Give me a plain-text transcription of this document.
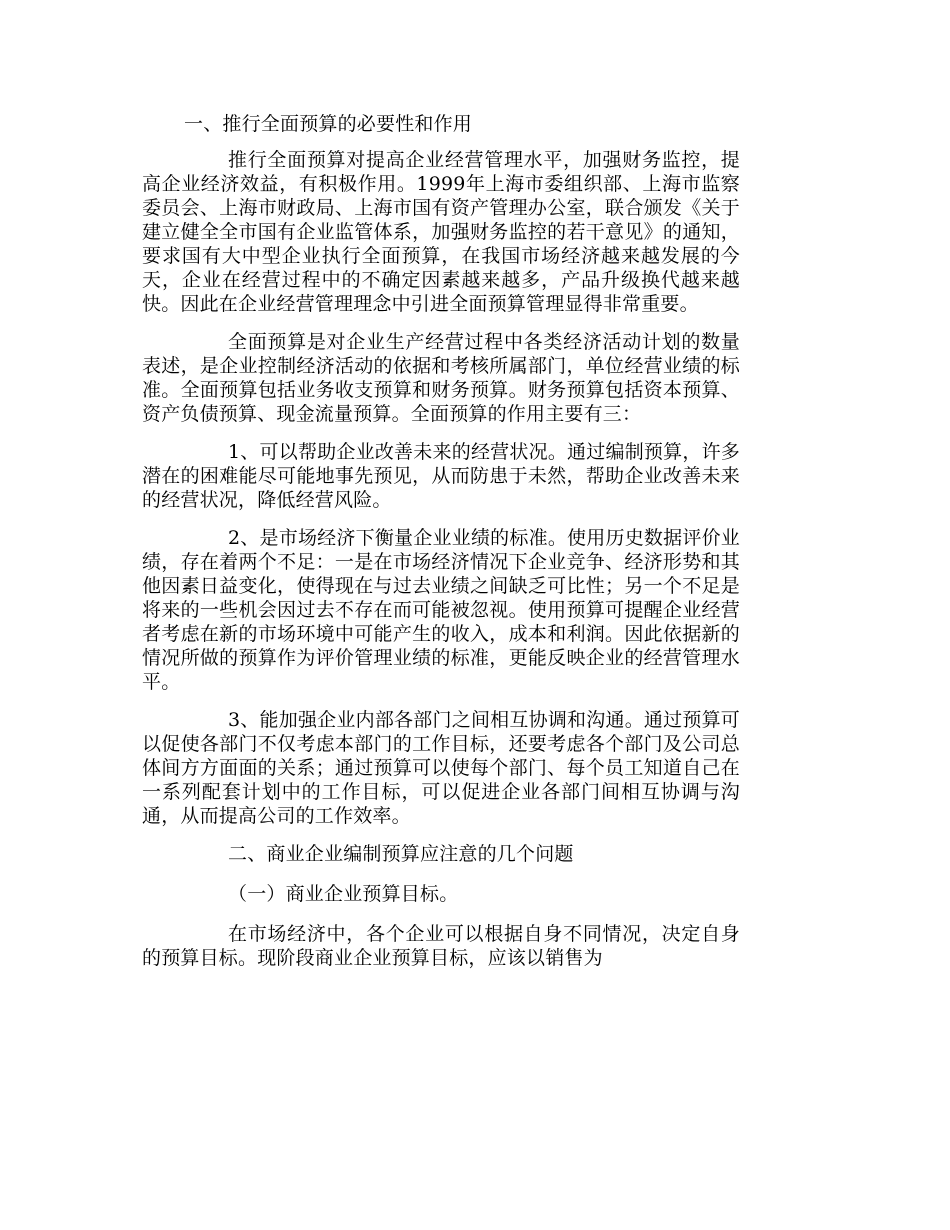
一、推行全面预算的必要性和作用

推行全面预算对提高企业经营管理水平，加强财务监控，提高企业经济效益，有积极作用。1999年上海市委组织部、上海市监察委员会、上海市财政局、上海市国有资产管理办公室，联合颁发《关于建立健全全市国有企业监管体系，加强财务监控的若干意见》的通知，要求国有大中型企业执行全面预算，在我国市场经济越来越发展的今天，企业在经营过程中的不确定因素越来越多，产品升级换代越来越快。因此在企业经营管理理念中引进全面预算管理显得非常重要。

全面预算是对企业生产经营过程中各类经济活动计划的数量表述，是企业控制经济活动的依据和考核所属部门，单位经营业绩的标准。全面预算包括业务收支预算和财务预算。财务预算包括资本预算、资产负债预算、现金流量预算。全面预算的作用主要有三：

1、可以帮助企业改善未来的经营状况。通过编制预算，许多潜在的困难能尽可能地事先预见，从而防患于未然，帮助企业改善未来的经营状况，降低经营风险。

2、是市场经济下衡量企业业绩的标准。使用历史数据评价业绩，存在着两个不足：一是在市场经济情况下企业竞争、经济形势和其他因素日益变化，使得现在与过去业绩之间缺乏可比性；另一个不足是将来的一些机会因过去不存在而可能被忽视。使用预算可提醒企业经营者考虑在新的市场环境中可能产生的收入，成本和利润。因此依据新的情况所做的预算作为评价管理业绩的标准，更能反映企业的经营管理水平。

3、能加强企业内部各部门之间相互协调和沟通。通过预算可以促使各部门不仅考虑本部门的工作目标，还要考虑各个部门及公司总体间方方面面的关系；通过预算可以使每个部门、每个员工知道自己在一系列配套计划中的工作目标，可以促进企业各部门间相互协调与沟通，从而提高公司的工作效率。

二、商业企业编制预算应注意的几个问题
（一）商业企业预算目标。

在市场经济中，各个企业可以根据自身不同情况，决定自身的预算目标。现阶段商业企业预算目标，应该以销售为
